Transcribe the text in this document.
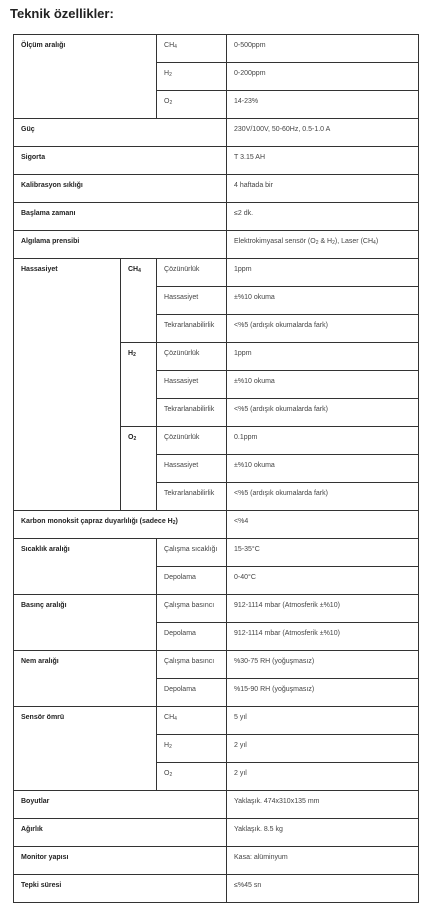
Teknik özellikler:
Ölçüm aralığı		$CH_4$	0-500ppm
		$H_2$	0-200ppm
		$O_2$	14-23%
Güç			230V/100V, 50-60Hz, 0.5-1.0 A
Sigorta			T 3.15 AH
Kalibrasyon sıklığı			4 haftada bir
Başlama zamanı			≤2 dk.
Algılama prensibi			Elektrokimyasal sensör ($O_2$ & $H_2$), Laser $(CH_4)$
Hassasiyet	$CH_4$	Çözünürlük	1ppm
		Hassasiyet	±%10 okuma
		Tekrarlanabilirlik	<%5 (ardışık okumalarda fark)
	$H_2$	Çözünürlük	1ppm
		Hassasiyet	±%10 okuma
		Tekrarlanabilirlik	<%5 (ardışık okumalarda fark)
	$O_2$	Çözünürlük	0.1ppm
		Hassasiyet	±%10 okuma
		Tekrarlanabilirlik	<%5 (ardışık okumalarda fark)
Karbon monoksit çapraz duyarlılığı (sadece $H_2$)			<%4
Sıcaklık aralığı		Çalışma sıcaklığı	15-35°C
		Depolama	0-40°C
Basınç aralığı		Çalışma basıncı	912-1114 mbar (Atmosferik ±%10)
		Depolama	912-1114 mbar (Atmosferik ±%10)
Nem aralığı		Çalışma basıncı	%30-75 RH (yoğuşmasız)
		Depolama	%15-90 RH (yoğuşmasız)
Sensör ömrü		$CH_4$	5 yıl
		$H_2$	2 yıl
		$O_2$	2 yıl
Boyutlar			Yaklaşık. 474x310x135 mm
Ağırlık			Yaklaşık. 8.5 kg
Monitor yapısı			Kasa: alüminyum
Tepki süresi			≤%45 sn
